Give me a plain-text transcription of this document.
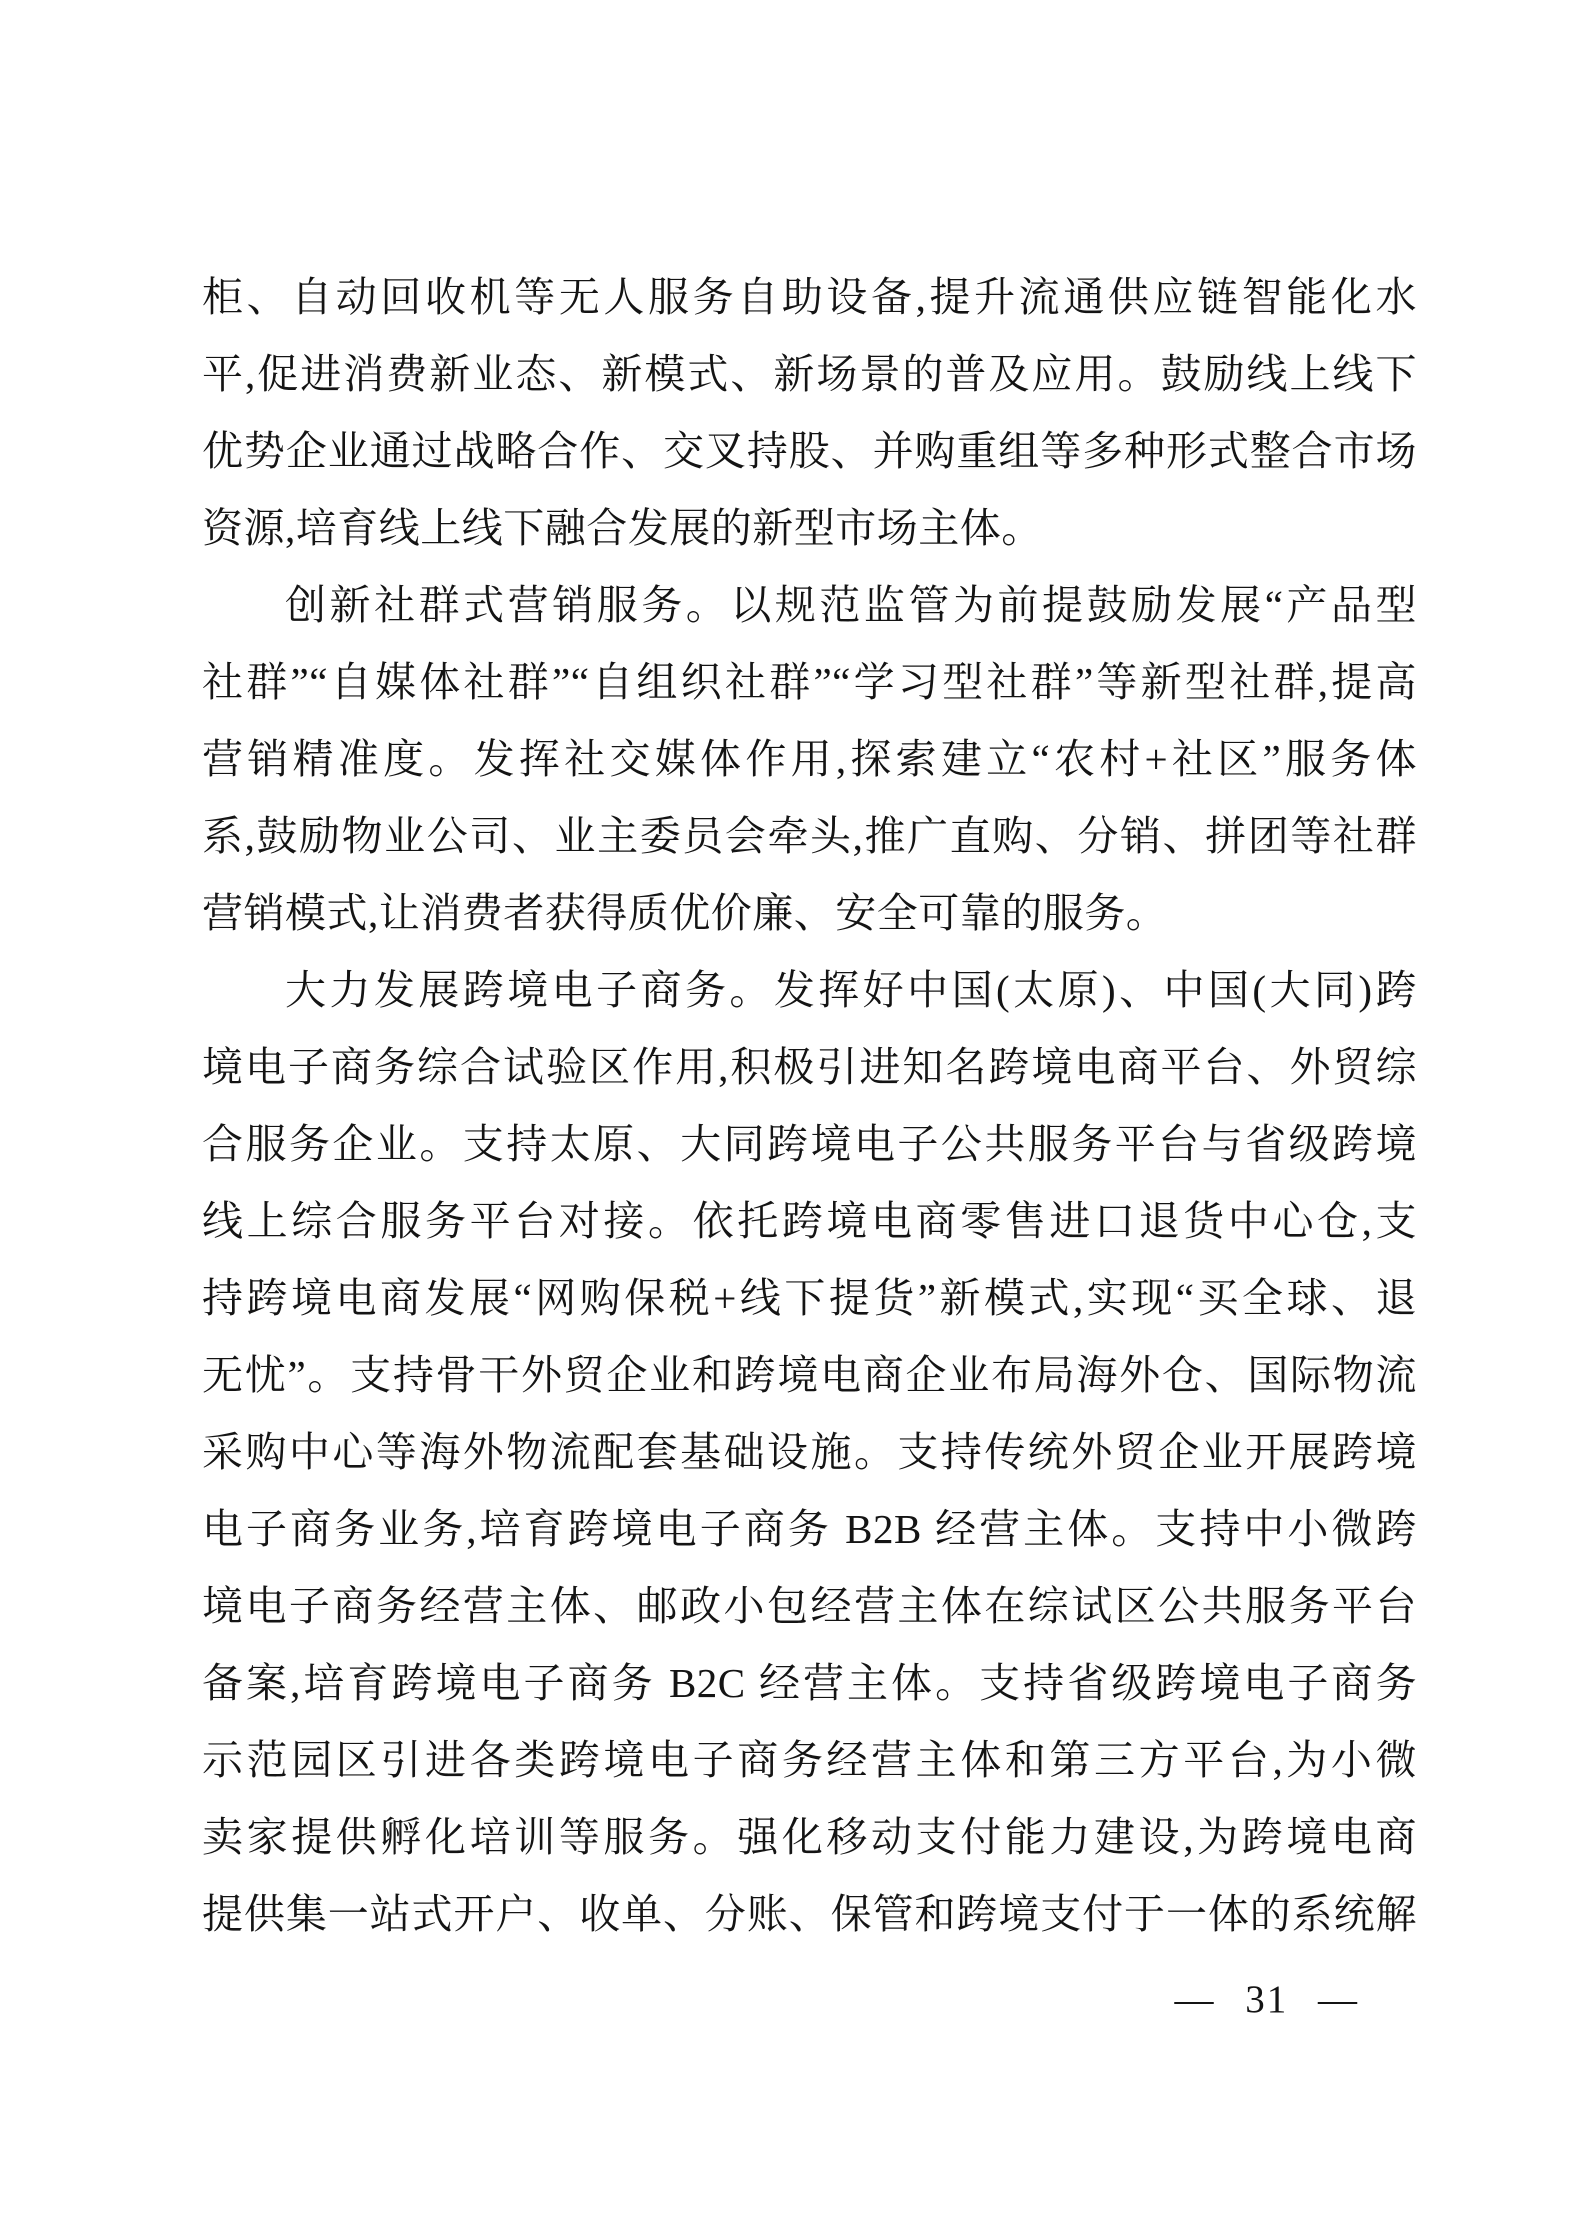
柜、自动回收机等无人服务自助设备,提升流通供应链智能化水
平,促进消费新业态、新模式、新场景的普及应用。鼓励线上线下
优势企业通过战略合作、交叉持股、并购重组等多种形式整合市场
资源,培育线上线下融合发展的新型市场主体。
创新社群式营销服务。以规范监管为前提鼓励发展“产品型
社群”“自媒体社群”“自组织社群”“学习型社群”等新型社群,提高
营销精准度。发挥社交媒体作用,探索建立“农村+社区”服务体
系,鼓励物业公司、业主委员会牵头,推广直购、分销、拼团等社群
营销模式,让消费者获得质优价廉、安全可靠的服务。
大力发展跨境电子商务。发挥好中国(太原)、中国(大同)跨
境电子商务综合试验区作用,积极引进知名跨境电商平台、外贸综
合服务企业。支持太原、大同跨境电子公共服务平台与省级跨境
线上综合服务平台对接。依托跨境电商零售进口退货中心仓,支
持跨境电商发展“网购保税+线下提货”新模式,实现“买全球、退
无忧”。支持骨干外贸企业和跨境电商企业布局海外仓、国际物流
采购中心等海外物流配套基础设施。支持传统外贸企业开展跨境
电子商务业务,培育跨境电子商务 B2B 经营主体。支持中小微跨
境电子商务经营主体、邮政小包经营主体在综试区公共服务平台
备案,培育跨境电子商务 B2C 经营主体。支持省级跨境电子商务
示范园区引进各类跨境电子商务经营主体和第三方平台,为小微
卖家提供孵化培训等服务。强化移动支付能力建设,为跨境电商
提供集一站式开户、收单、分账、保管和跨境支付于一体的系统解
— 31 —
